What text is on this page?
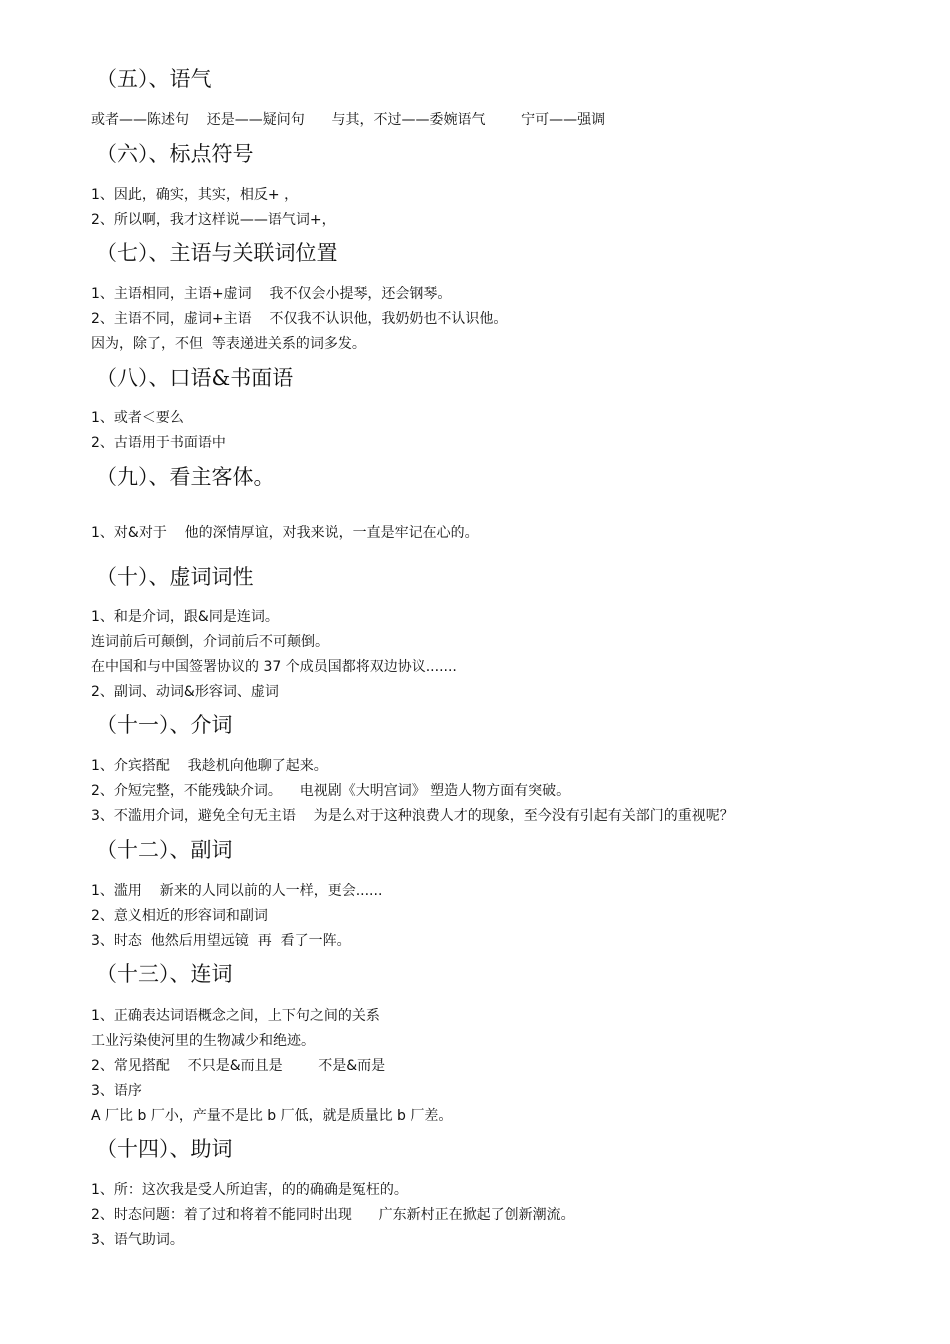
（五）、语气
或者——陈述句    还是——疑问句      与其，不过——委婉语气        宁可——强调
（六）、标点符号
1、因此，确实，其实，相反+ ，
2、所以啊，我才这样说——语气词+，
（七）、主语与关联词位置
1、主语相同，主语+虚词    我不仅会小提琴，还会钢琴。
2、主语不同，虚词+主语    不仅我不认识他，我奶奶也不认识他。
因为，除了，不但  等表递进关系的词多发。
（八）、口语&书面语
1、或者＜要么
2、古语用于书面语中
（九）、看主客体。
1、对&对于    他的深情厚谊，对我来说，一直是牢记在心的。
（十）、虚词词性
1、和是介词，跟&同是连词。
连词前后可颠倒，介词前后不可颠倒。
在中国和与中国签署协议的 37 个成员国都将双边协议.......
2、副词、动词&形容词、虚词
（十一）、介词
1、介宾搭配    我趁机向他聊了起来。
2、介短完整，不能残缺介词。    电视剧《大明宫词》 塑造人物方面有突破。
3、不滥用介词，避免全句无主语    为是么对于这种浪费人才的现象，至今没有引起有关部门的重视呢？
（十二）、副词
1、滥用    新来的人同以前的人一样，更会......
2、意义相近的形容词和副词
3、时态  他然后用望远镜  再  看了一阵。
（十三）、连词
1、正确表达词语概念之间，上下句之间的关系
工业污染使河里的生物减少和绝迹。
2、常见搭配    不只是&而且是        不是&而是
3、语序
A 厂比 b 厂小，产量不是比 b 厂低，就是质量比 b 厂差。
（十四）、助词
1、所：这次我是受人所迫害，的的确确是冤枉的。
2、时态问题：着了过和将着不能同时出现      广东新村正在掀起了创新潮流。
3、语气助词。
